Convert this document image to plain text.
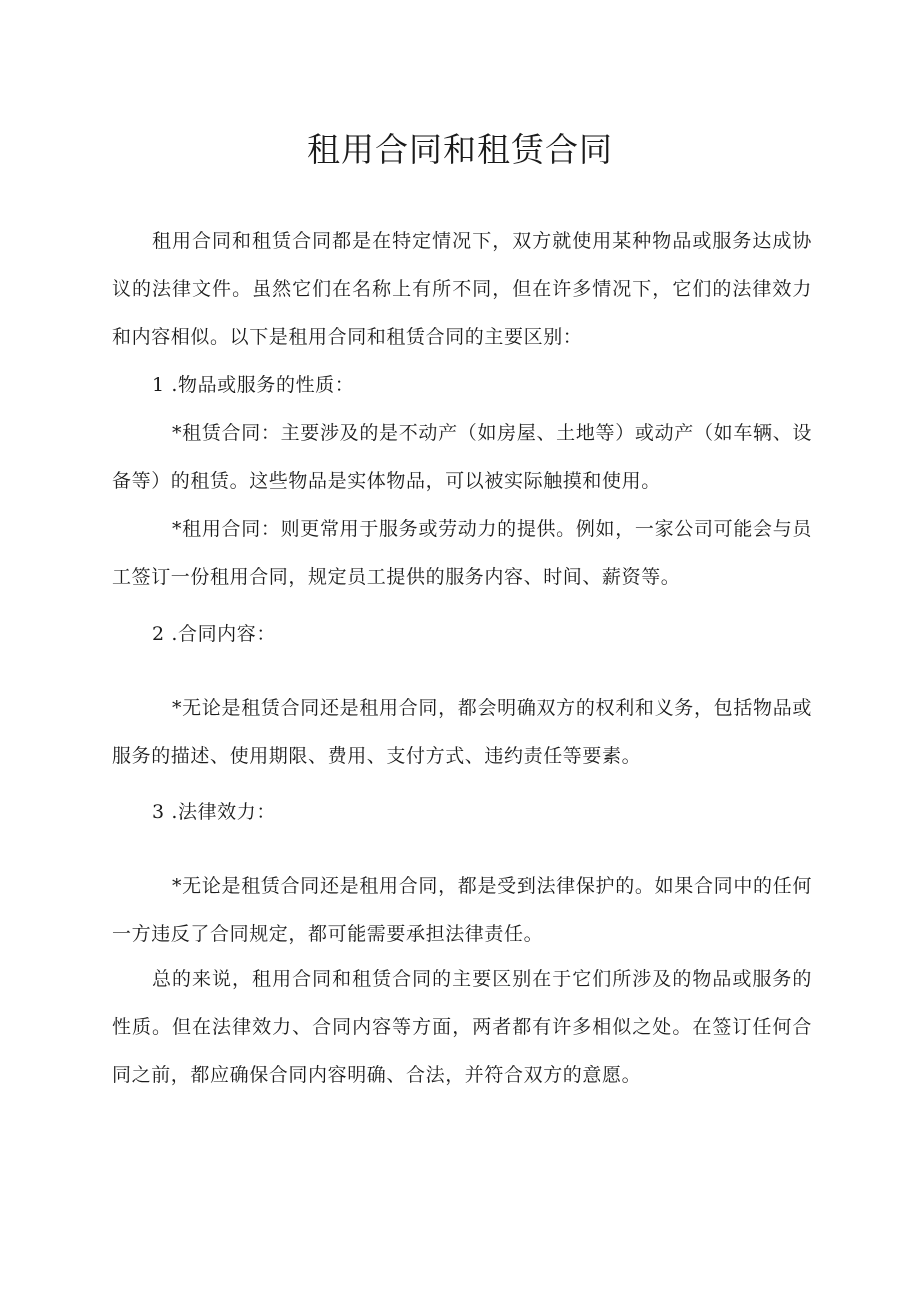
租用合同和租赁合同

租用合同和租赁合同都是在特定情况下，双方就使用某种物品或服务达成协议的法律文件。虽然它们在名称上有所不同，但在许多情况下，它们的法律效力和内容相似。以下是租用合同和租赁合同的主要区别：

1 .物品或服务的性质：

*租赁合同：主要涉及的是不动产（如房屋、土地等）或动产（如车辆、设备等）的租赁。这些物品是实体物品，可以被实际触摸和使用。

*租用合同：则更常用于服务或劳动力的提供。例如，一家公司可能会与员工签订一份租用合同，规定员工提供的服务内容、时间、薪资等。

2 .合同内容：

*无论是租赁合同还是租用合同，都会明确双方的权利和义务，包括物品或服务的描述、使用期限、费用、支付方式、违约责任等要素。

3 .法律效力：

*无论是租赁合同还是租用合同，都是受到法律保护的。如果合同中的任何一方违反了合同规定，都可能需要承担法律责任。

总的来说，租用合同和租赁合同的主要区别在于它们所涉及的物品或服务的性质。但在法律效力、合同内容等方面，两者都有许多相似之处。在签订任何合同之前，都应确保合同内容明确、合法，并符合双方的意愿。
